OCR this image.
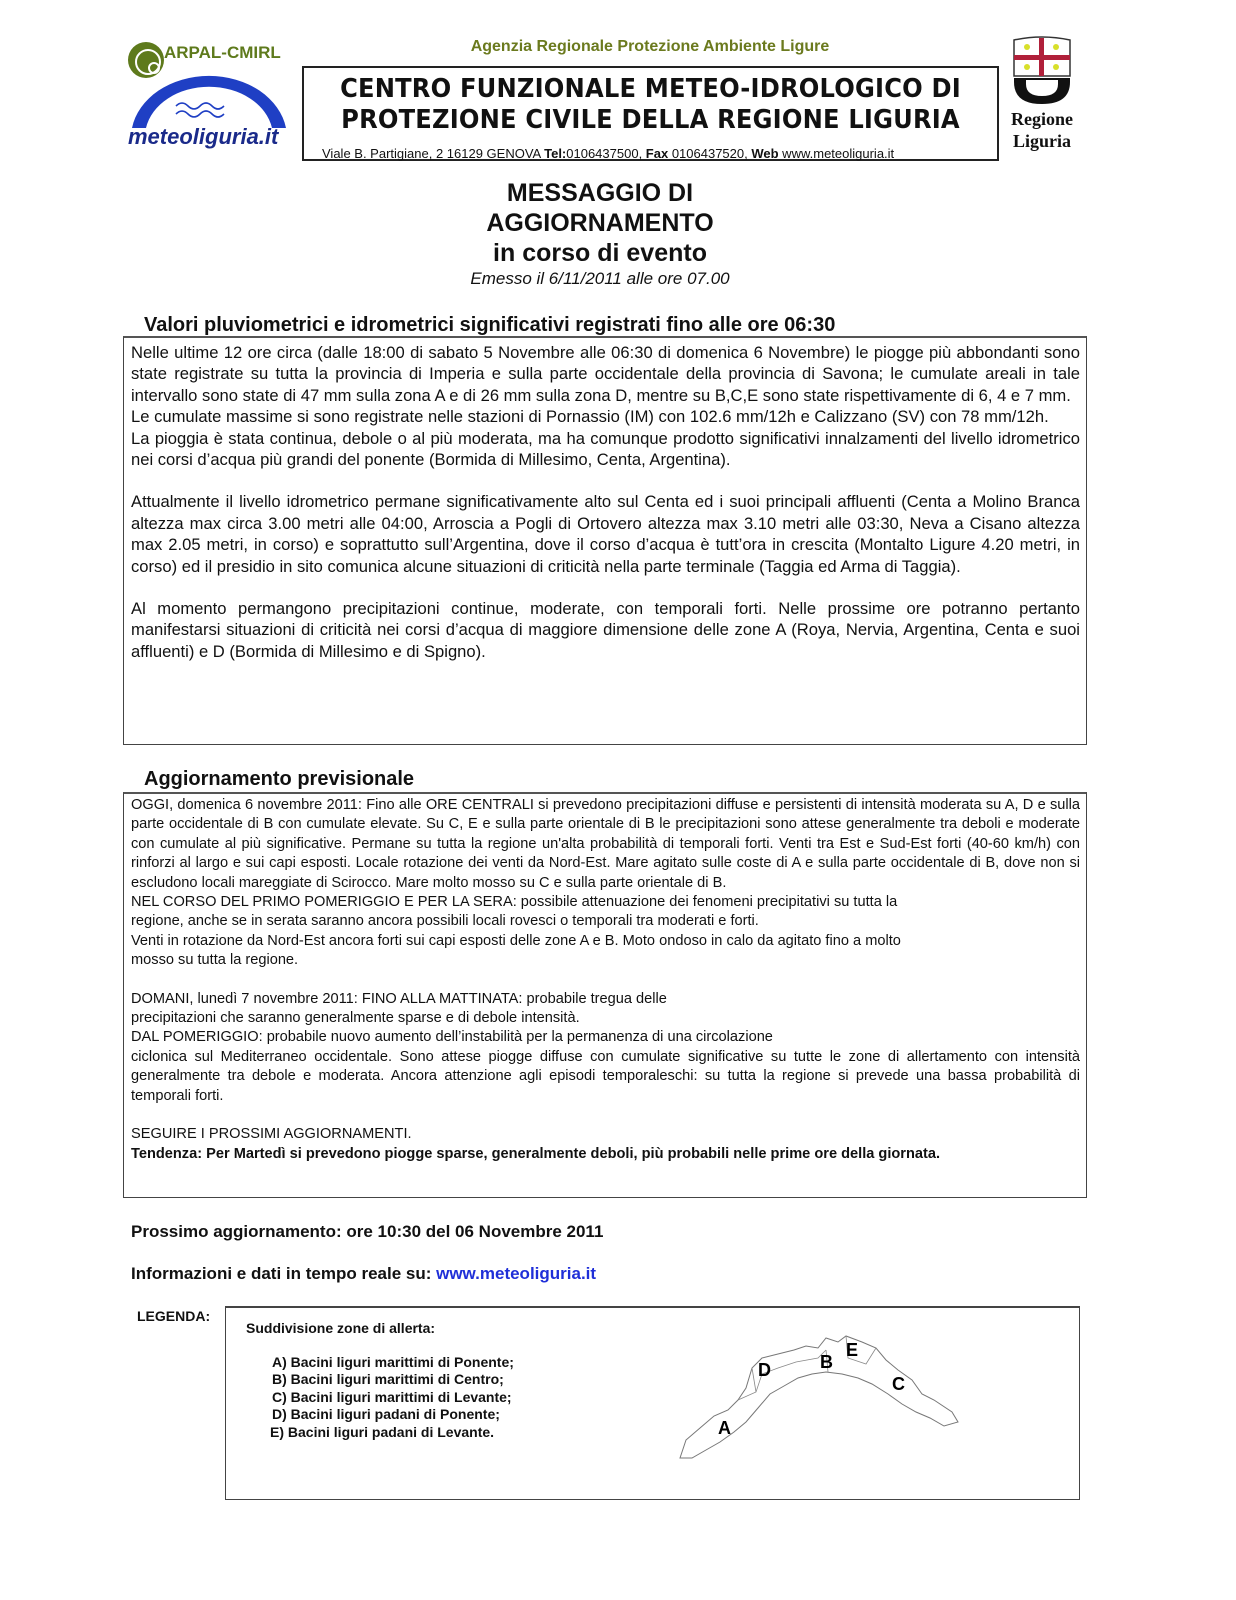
ARPAL-CMIRL
meteoliguria.it
Agenzia Regionale Protezione Ambiente Ligure
CENTRO FUNZIONALE METEO-IDROLOGICO DI
PROTEZIONE CIVILE DELLA REGIONE LIGURIA
Viale B. Partigiane, 2 16129 GENOVA Tel:0106437500, Fax 0106437520, Web www.meteoliguria.it
Regione
Liguria
MESSAGGIO DI
AGGIORNAMENTO
in corso di evento
Emesso il 6/11/2011 alle ore 07.00
Valori pluviometrici e idrometrici significativi registrati fino alle ore 06:30

Nelle ultime 12 ore circa (dalle 18:00 di sabato 5 Novembre alle 06:30 di domenica 6 Novembre) le piogge più abbondanti sono state registrate su tutta la provincia di Imperia e sulla parte occidentale della provincia di Savona; le cumulate areali in tale intervallo sono state di 47 mm sulla zona A e di 26 mm sulla zona D, mentre su B,C,E sono state rispettivamente di 6, 4 e 7 mm.

Le cumulate massime si sono registrate nelle stazioni di Pornassio (IM) con 102.6 mm/12h e Calizzano (SV) con 78 mm/12h.

La pioggia è stata continua, debole o al più moderata, ma ha comunque prodotto significativi innalzamenti del livello idrometrico nei corsi d’acqua più grandi del ponente (Bormida di Millesimo, Centa, Argentina).

Attualmente il livello idrometrico permane significativamente alto sul Centa ed i suoi principali affluenti (Centa a Molino Branca altezza max circa 3.00 metri alle 04:00, Arroscia a Pogli di Ortovero altezza max 3.10 metri alle 03:30, Neva a Cisano altezza max 2.05 metri, in corso) e soprattutto sull’Argentina, dove il corso d’acqua è tutt’ora in crescita (Montalto Ligure 4.20 metri, in corso) ed il presidio in sito comunica alcune situazioni di criticità nella parte terminale (Taggia ed Arma di Taggia).

Al momento permangono precipitazioni continue, moderate, con temporali forti. Nelle prossime ore potranno pertanto manifestarsi situazioni di criticità nei corsi d’acqua di maggiore dimensione delle zone A (Roya, Nervia, Argentina, Centa e suoi affluenti) e D (Bormida di Millesimo e di Spigno).

Aggiornamento previsionale

OGGI, domenica 6 novembre 2011: Fino alle ORE CENTRALI si prevedono precipitazioni diffuse e persistenti di intensità moderata su A, D e sulla parte occidentale di B con cumulate elevate. Su C, E e sulla parte orientale di B le precipitazioni sono attese generalmente tra deboli e moderate con cumulate al più significative. Permane su tutta la regione un'alta probabilità di temporali forti. Venti tra Est e Sud-Est forti (40-60 km/h) con rinforzi al largo e sui capi esposti. Locale rotazione dei venti da Nord-Est. Mare agitato sulle coste di A e sulla parte occidentale di B, dove non si escludono locali mareggiate di Scirocco. Mare molto mosso su C e sulla parte orientale di B.

NEL CORSO DEL PRIMO POMERIGGIO E PER LA SERA: possibile attenuazione dei fenomeni precipitativi su tutta la

regione, anche se in serata saranno ancora possibili locali rovesci o temporali tra moderati e forti.

Venti in rotazione da Nord-Est ancora forti sui capi esposti delle zone A e B. Moto ondoso in calo da agitato fino a molto

mosso su tutta la regione.

DOMANI, lunedì 7 novembre 2011: FINO ALLA MATTINATA: probabile tregua delle

precipitazioni che saranno generalmente sparse e di debole intensità.

DAL POMERIGGIO: probabile nuovo aumento dell’instabilità per la permanenza di una circolazione

ciclonica sul Mediterraneo occidentale. Sono attese piogge diffuse con cumulate significative su tutte le zone di allertamento con intensità generalmente tra debole e moderata. Ancora attenzione agli episodi temporaleschi: su tutta la regione si prevede una bassa probabilità di temporali forti.

SEGUIRE I PROSSIMI AGGIORNAMENTI.

Tendenza: Per Martedì si prevedono piogge sparse, generalmente deboli, più probabili nelle prime ore della giornata.

Prossimo aggiornamento: ore 10:30 del 06 Novembre 2011
Informazioni e dati in tempo reale su: www.meteoliguria.it
LEGENDA:
Suddivisione zone di allerta:
A) Bacini liguri marittimi di Ponente;
B) Bacini liguri marittimi di Centro;
C) Bacini liguri marittimi di Levante;
D) Bacini liguri padani di Ponente;
E) Bacini liguri padani di Levante.	A
B
C
D
E
